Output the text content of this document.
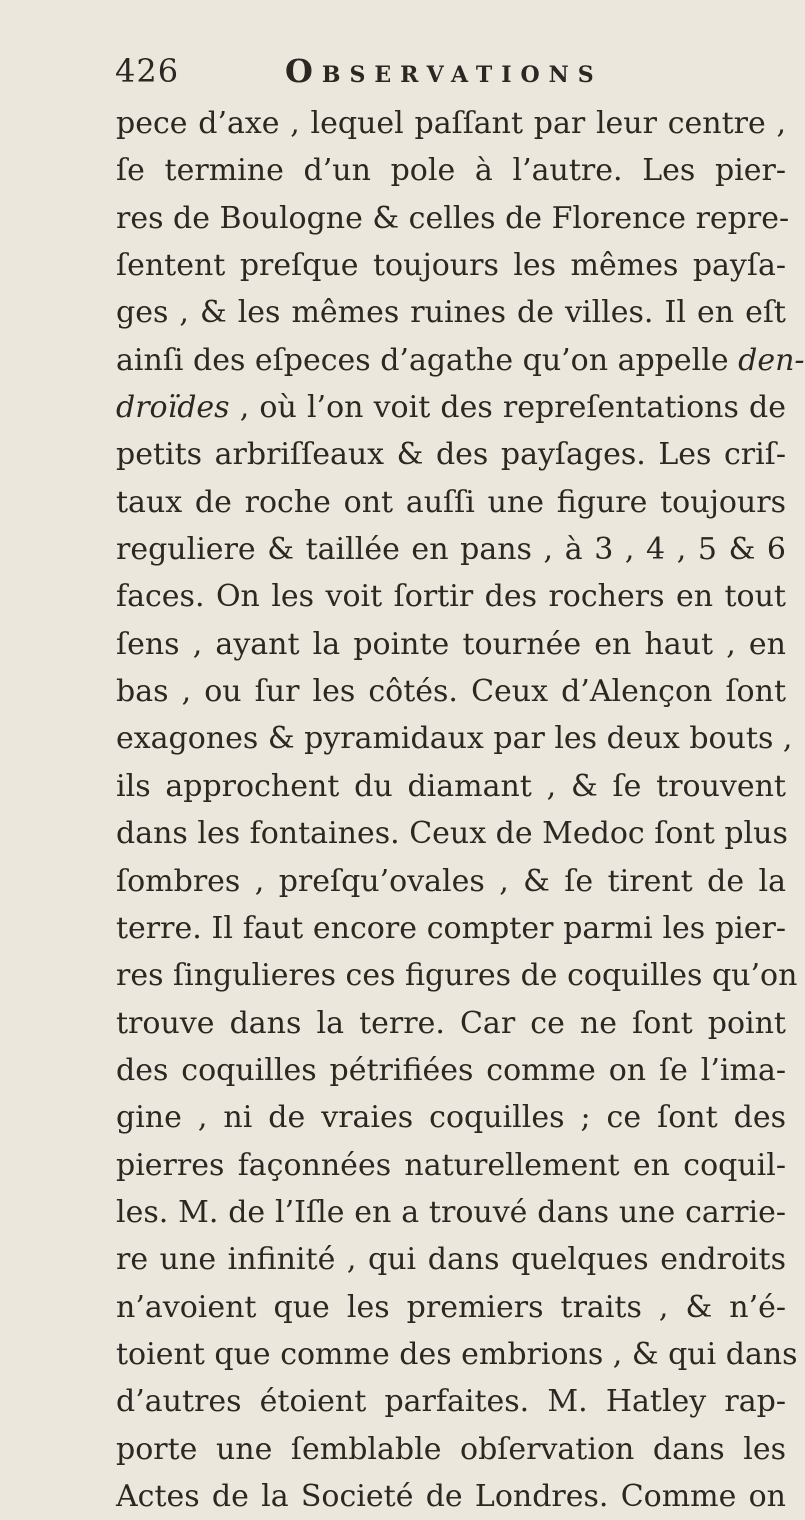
426	Observations
pece d’axe , lequel paſſant par leur centre ,
ſe termine d’un pole à l’autre. Les pier-
res de Boulogne & celles de Florence repre-
ſentent preſque toujours les mêmes payſa-
ges , & les mêmes ruines de villes. Il en eſt
ainſi des eſpeces d’agathe qu’on appelle den-
droïdes , où l’on voit des repreſentations de
petits arbriſſeaux & des payſages. Les criſ-
taux de roche ont auſſi une figure toujours
reguliere & taillée en pans , à 3 , 4 , 5 & 6
faces. On les voit ſortir des rochers en tout
ſens , ayant la pointe tournée en haut , en
bas , ou ſur les côtés. Ceux d’Alençon ſont
exagones & pyramidaux par les deux bouts ,
ils approchent du diamant , & ſe trouvent
dans les fontaines. Ceux de Medoc ſont plus
ſombres , preſqu’ovales , & ſe tirent de la
terre. Il faut encore compter parmi les pier-
res ſingulieres ces figures de coquilles qu’on
trouve dans la terre. Car ce ne ſont point
des coquilles pétrifiées comme on ſe l’ima-
gine , ni de vraies coquilles ; ce ſont des
pierres façonnées naturellement en coquil-
les. M. de l’Iſle en a trouvé dans une carrie-
re une infinité , qui dans quelques endroits
n’avoient que les premiers traits , & n’é-
toient que comme des embrions , & qui dans
d’autres étoient parfaites. M. Hatley rap-
porte une ſemblable obſervation dans les
Actes de la Societé de Londres. Comme on
